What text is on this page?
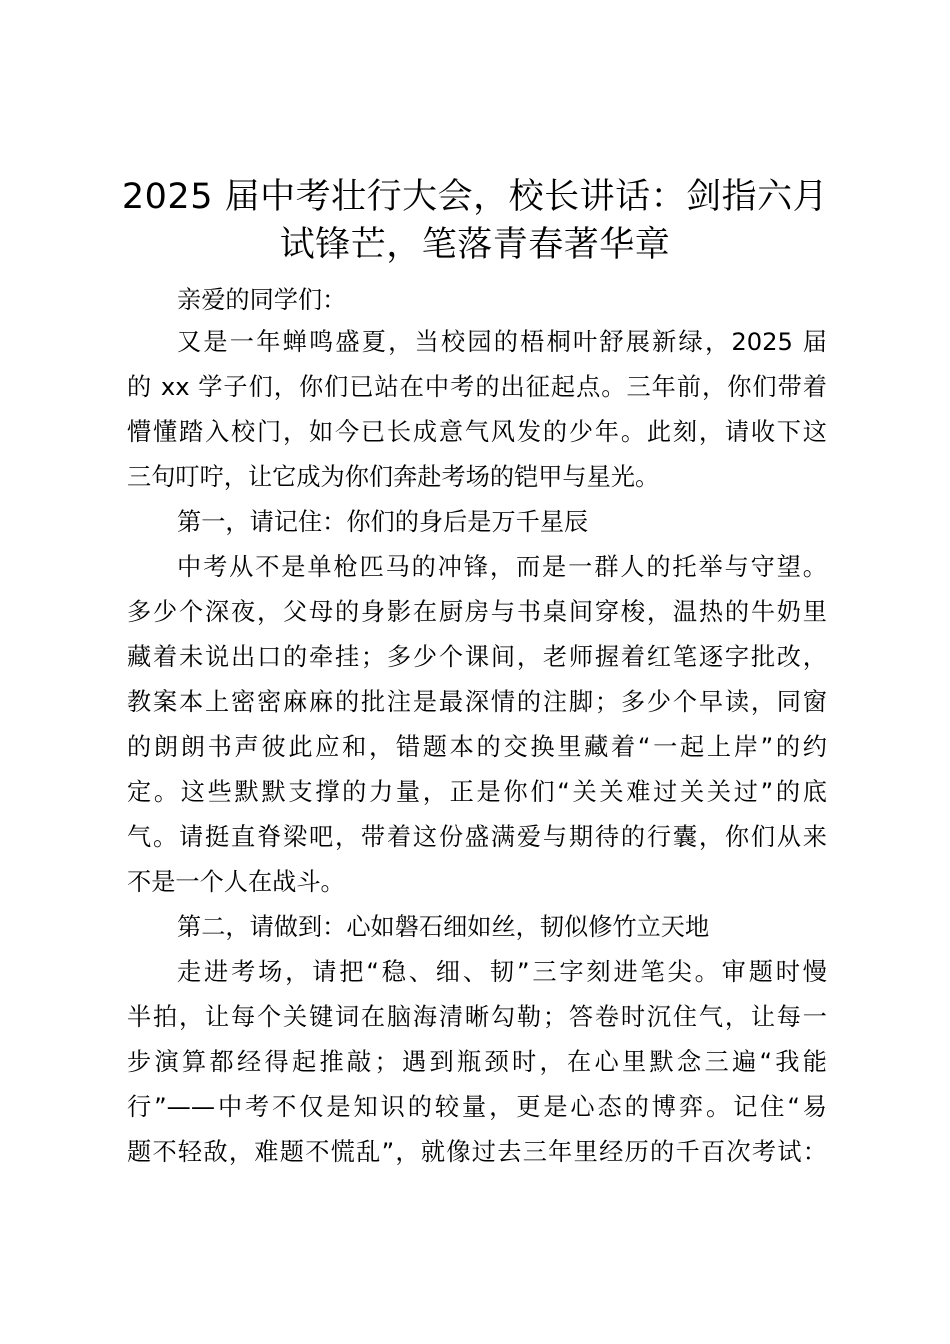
2025 届中考壮行大会，校长讲话：剑指六月
试锋芒，笔落青春著华章

亲爱的同学们：

又是一年蝉鸣盛夏，当校园的梧桐叶舒展新绿，2025 届

的 xx 学子们，你们已站在中考的出征起点。三年前，你们带着

懵懂踏入校门，如今已长成意气风发的少年。此刻，请收下这

三句叮咛，让它成为你们奔赴考场的铠甲与星光。

第一，请记住：你们的身后是万千星辰

中考从不是单枪匹马的冲锋，而是一群人的托举与守望。

多少个深夜，父母的身影在厨房与书桌间穿梭，温热的牛奶里

藏着未说出口的牵挂；多少个课间，老师握着红笔逐字批改，

教案本上密密麻麻的批注是最深情的注脚；多少个早读，同窗

的朗朗书声彼此应和，错题本的交换里藏着“一起上岸”的约

定。这些默默支撑的力量，正是你们“关关难过关关过”的底

气。请挺直脊梁吧，带着这份盛满爱与期待的行囊，你们从来

不是一个人在战斗。

第二，请做到：心如磐石细如丝，韧似修竹立天地

走进考场，请把“稳、细、韧”三字刻进笔尖。审题时慢

半拍，让每个关键词在脑海清晰勾勒；答卷时沉住气，让每一

步演算都经得起推敲；遇到瓶颈时，在心里默念三遍“我能

行”——中考不仅是知识的较量，更是心态的博弈。记住“易

题不轻敌，难题不慌乱”，就像过去三年里经历的千百次考试：
